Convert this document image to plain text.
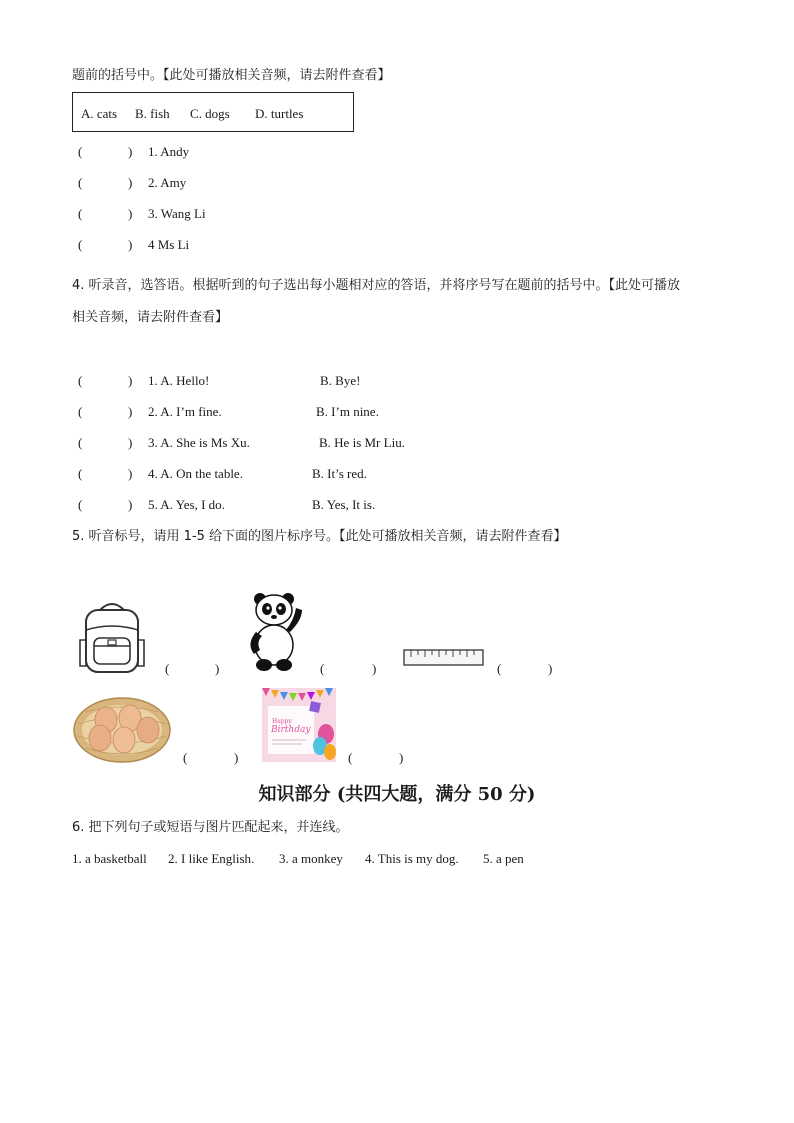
题前的括号中。【此处可播放相关音频，请去附件查看】
A. cats B. fish C. dogs D. turtles
(	) 1. Andy
(	) 2. Amy
(	) 3. Wang Li
(	) 4 Ms Li
4. 听录音，选答语。根据听到的句子选出每小题相对应的答语，并将序号写在题前的括号中。【此处可播放
相关音频，请去附件查看】
(	) 1. A. Hello!	B. Bye!
(	) 2. A. I’m fine.	B. I’m nine.
(	) 3. A. She is Ms Xu.	B. He is Mr Liu.
(	) 4. A. On the table.	B. It’s red.
(	) 5. A. Yes, I do.	B. Yes, It is.
5. 听音标号，请用 1-5 给下面的图片标序号。【此处可播放相关音频，请去附件查看】
(	)	(	)	(	)
(	)
Happy
Birthday
(	)
知识部分 (共四大题，满分 50 分)
6. 把下列句子或短语与图片匹配起来，并连线。
1. a basketball 2. I like English. 3. a monkey 4. This is my dog. 5. a pen
